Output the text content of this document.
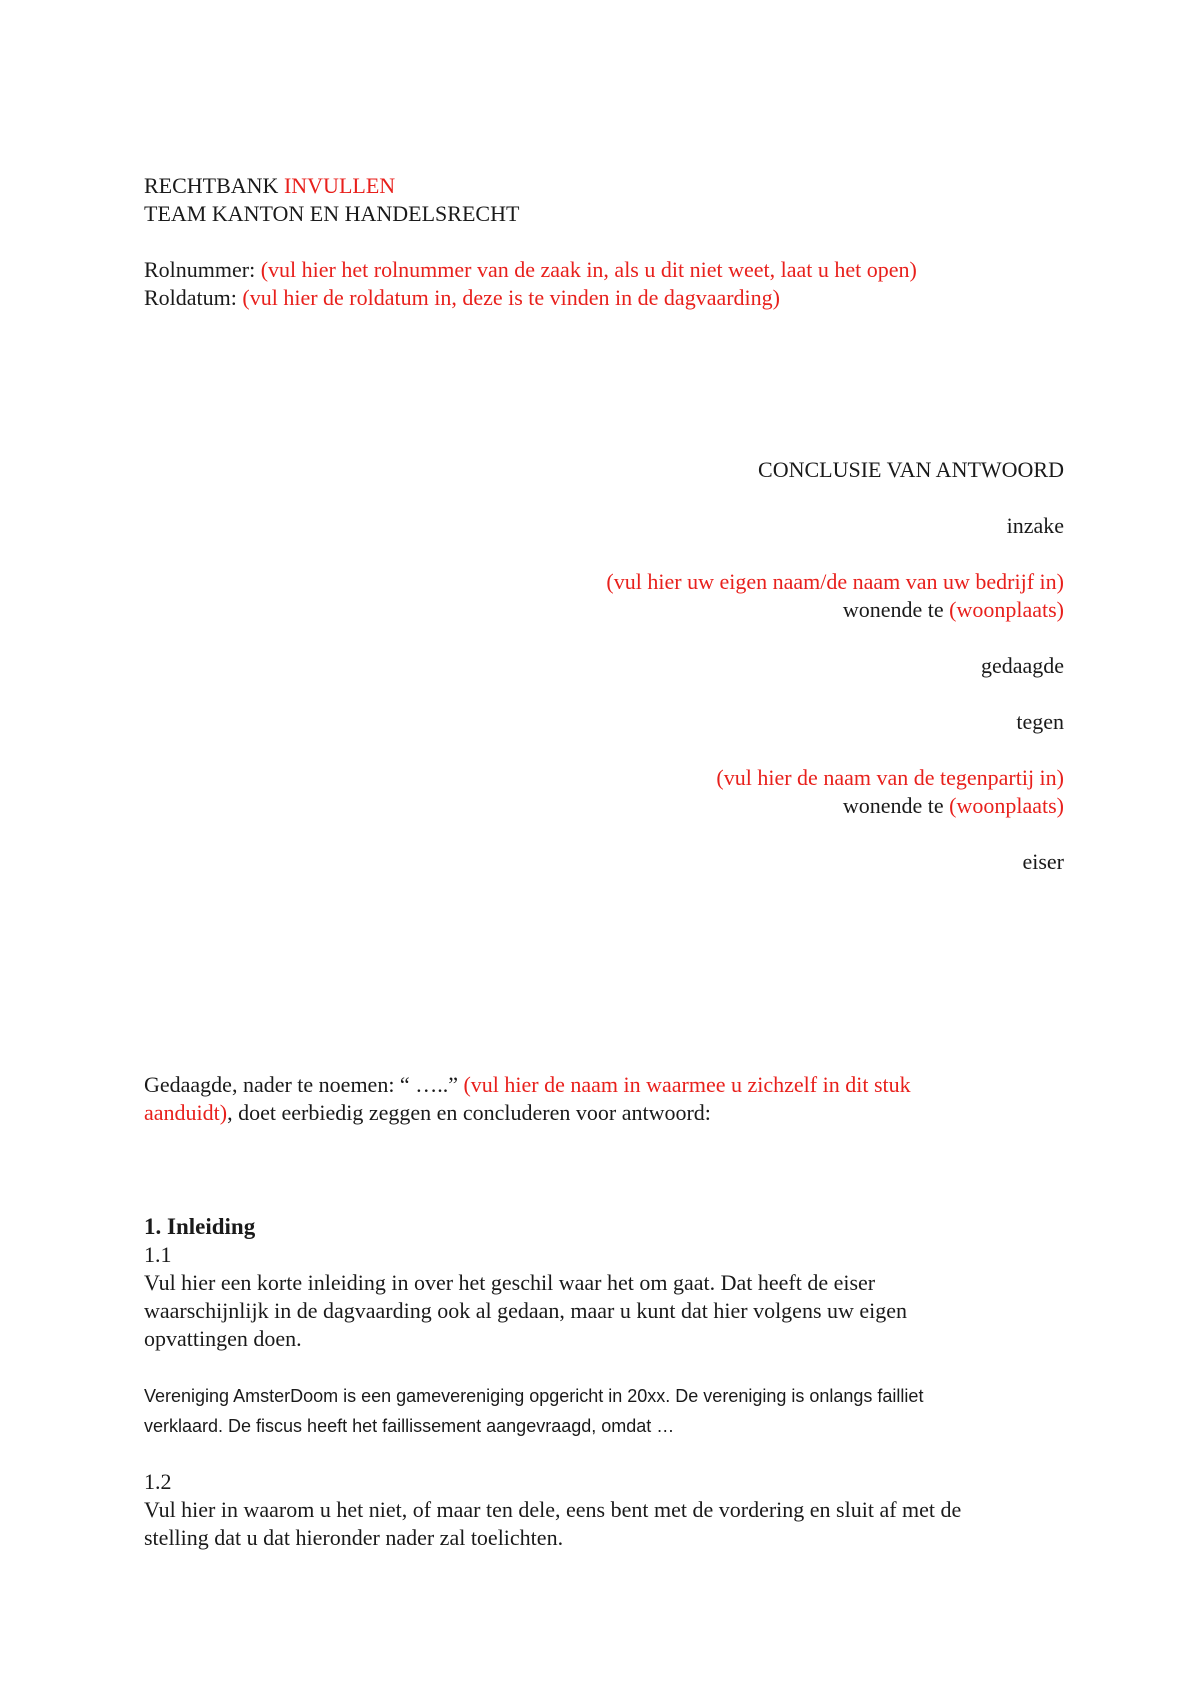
RECHTBANK INVULLEN

TEAM KANTON EN HANDELSRECHT

Rolnummer: (vul hier het rolnummer van de zaak in, als u dit niet weet, laat u het open)

Roldatum: (vul hier de roldatum in, deze is te vinden in de dagvaarding)

CONCLUSIE VAN ANTWOORD

inzake

(vul hier uw eigen naam/de naam van uw bedrijf in)

wonende te (woonplaats)

gedaagde

tegen

(vul hier de naam van de tegenpartij in)

wonende te (woonplaats)

eiser

Gedaagde, nader te noemen: “ …..” (vul hier de naam in waarmee u zichzelf in dit stuk

aanduidt), doet eerbiedig zeggen en concluderen voor antwoord:

1. Inleiding

1.1

Vul hier een korte inleiding in over het geschil waar het om gaat. Dat heeft de eiser

waarschijnlijk in de dagvaarding ook al gedaan, maar u kunt dat hier volgens uw eigen

opvattingen doen.

Vereniging AmsterDoom is een gamevereniging opgericht in 20xx. De vereniging is onlangs failliet

verklaard. De fiscus heeft het faillissement aangevraagd, omdat …

1.2

Vul hier in waarom u het niet, of maar ten dele, eens bent met de vordering en sluit af met de

stelling dat u dat hieronder nader zal toelichten.
